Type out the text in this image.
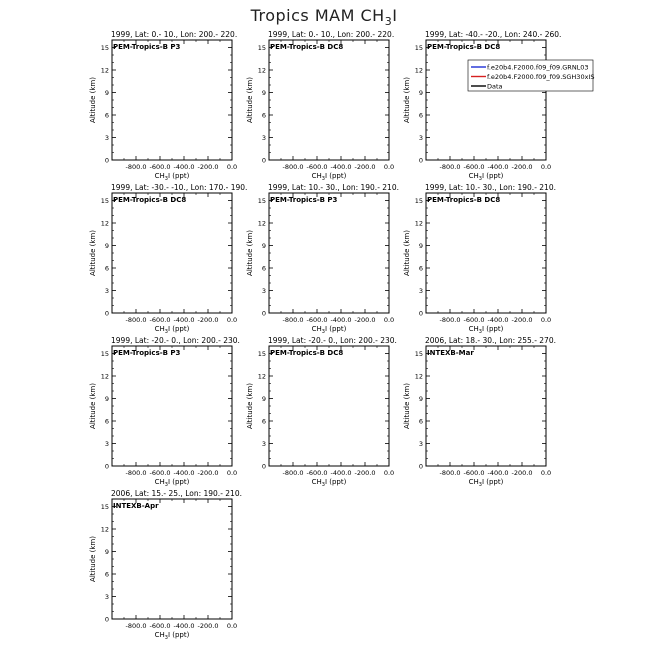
Tropics MAM $CH_3I$
1999, Lat: 0.- 10., Lon: 200.- 220.
PEM-Tropics-B P3
-800.0 -600.0 -400.0 -200.0 0.0
0
3
6
9
12
15
Altitude (km)
$CH_3I$ (ppt)
1999, Lat: 0.- 10., Lon: 200.- 220.
PEM-Tropics-B DC8
-800.0 -600.0 -400.0 -200.0 0.0
0
3
6
9
12
15
Altitude (km)
$CH_3I$ (ppt)
1999, Lat: -40.- -20., Lon: 240.- 260.
PEM-Tropics-B DC8
-800.0 -600.0 -400.0 -200.0 0.0
0
3
6
9
12
15
Altitude (km)
$CH_3I$ (ppt)
f.e20b4.F2000.f09_f09.GRNL03
f.e20b4.F2000.f09_f09.SGH30xIS
Data
1999, Lat: -30.- -10., Lon: 170.- 190.
PEM-Tropics-B DC8
-800.0 -600.0 -400.0 -200.0 0.0
0
3
6
9
12
15
Altitude (km)
$CH_3I$ (ppt)
1999, Lat: 10.- 30., Lon: 190.- 210.
PEM-Tropics-B P3
-800.0 -600.0 -400.0 -200.0 0.0
0
3
6
9
12
15
Altitude (km)
$CH_3I$ (ppt)
1999, Lat: 10.- 30., Lon: 190.- 210.
PEM-Tropics-B DC8
-800.0 -600.0 -400.0 -200.0 0.0
0
3
6
9
12
15
Altitude (km)
$CH_3I$ (ppt)
1999, Lat: -20.- 0., Lon: 200.- 230.
PEM-Tropics-B P3
-800.0 -600.0 -400.0 -200.0 0.0
0
3
6
9
12
15
Altitude (km)
$CH_3I$ (ppt)
1999, Lat: -20.- 0., Lon: 200.- 230.
PEM-Tropics-B DC8
-800.0 -600.0 -400.0 -200.0 0.0
0
3
6
9
12
15
Altitude (km)
$CH_3I$ (ppt)
2006, Lat: 18.- 30., Lon: 255.- 270.
INTEXB-Mar
-800.0 -600.0 -400.0 -200.0 0.0
0
3
6
9
12
15
Altitude (km)
$CH_3I$ (ppt)
2006, Lat: 15.- 25., Lon: 190.- 210.
INTEXB-Apr
-800.0 -600.0 -400.0 -200.0 0.0
0
3
6
9
12
15
Altitude (km)
$CH_3I$ (ppt)
